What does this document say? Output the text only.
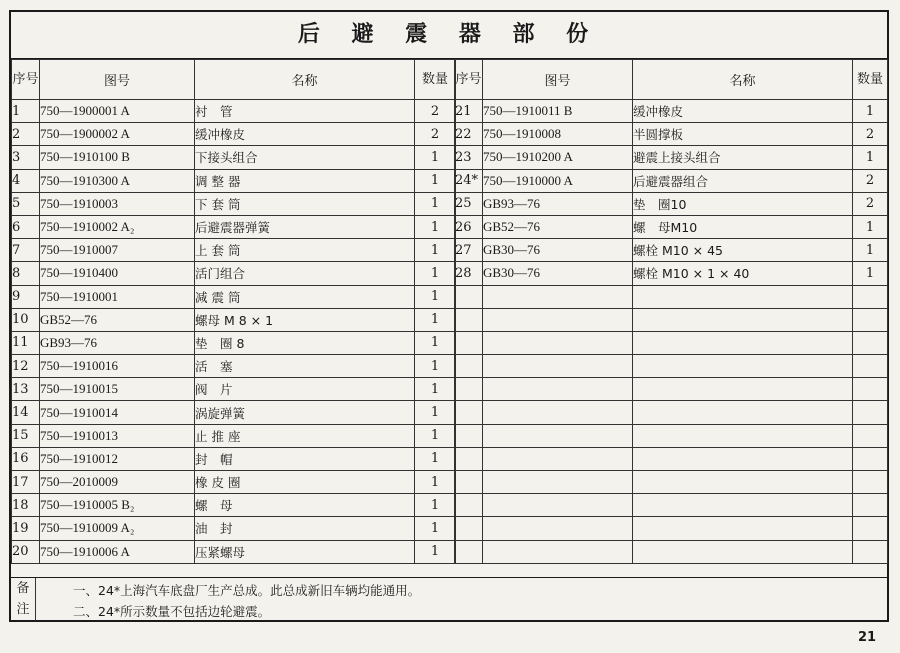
后 避 震 器 部 份
序号	图号	名称	数量
1	750—1900001 A	衬　管	2
2	750—1900002 A	缓冲橡皮	2
3	750—1910100 B	下接头组合	1
4	750—1910300 A	调 整 器	1
5	750—1910003	下 套 筒	1
6	750—1910002 A₂	后避震器弹簧	1
7	750—1910007	上 套 筒	1
8	750—1910400	活门组合	1
9	750—1910001	减 震 筒	1
10	GB52—76	螺母 M 8 × 1	1
11	GB93—76	垫　圈 8	1
12	750—1910016	活　塞	1
13	750—1910015	阀　片	1
14	750—1910014	涡旋弹簧	1
15	750—1910013	止 推 座	1
16	750—1910012	封　帽	1
17	750—2010009	橡 皮 圈	1
18	750—1910005 B₂	螺　母	1
19	750—1910009 A₂	油　封	1
20	750—1910006 A	压紧螺母	1
序号	图号	名称	数量
21	750—1910011 B	缓冲橡皮	1
22	750—1910008	半圆撑板	2
23	750—1910200 A	避震上接头组合	1
24*	750—1910000 A	后避震器组合	2
25	GB93—76	垫　圈10	2
26	GB52—76	螺　母M10	1
27	GB30—76	螺栓 M10 × 45	1
28	GB30—76	螺栓 M10 × 1 × 40	1

备注
一、24*上海汽车底盘厂生产总成。此总成新旧车辆均能通用。
二、24*所示数量不包括边轮避震。
21
